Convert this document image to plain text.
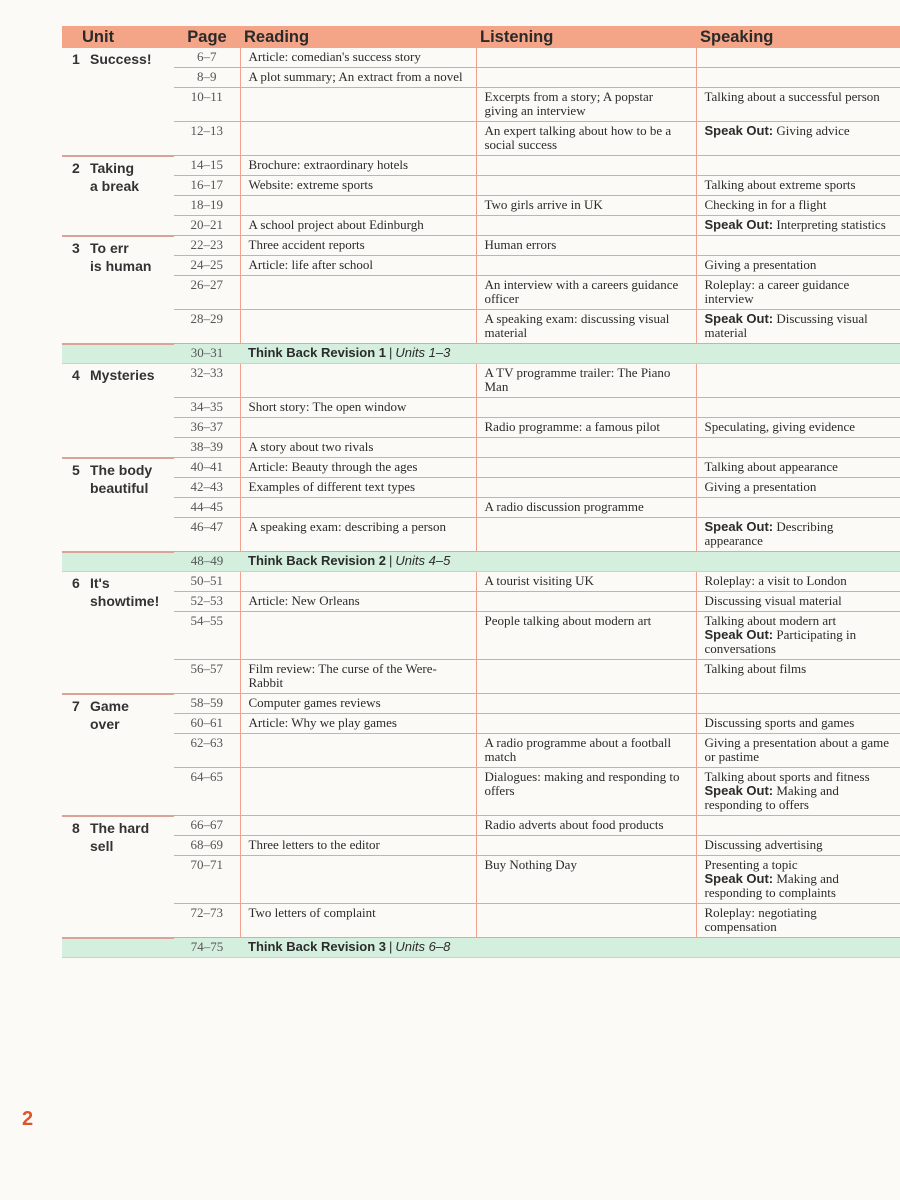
2
Unit	Page	Reading	Listening	Speaking
1 Success!	6–7	Article: comedian's success story		
	8–9	A plot summary; An extract from a novel		
	10–11		Excerpts from a story; A popstar giving an interview	Talking about a successful person

	12–13		An expert talking about how to be a social success	Speak Out: Giving advice

2 Taking
a break	14–15	Brochure: extraordinary hotels		
	16–17	Website: extreme sports		Talking about extreme sports

	18–19		Two girls arrive in UK	Checking in for a flight

	20–21	A school project about Edinburgh		Speak Out: Interpreting statistics

3 To err
is human	22–23	Three accident reports	Human errors	
	24–25	Article: life after school		Giving a presentation

	26–27		An interview with a careers guidance officer	Roleplay: a career guidance interview

	28–29		A speaking exam: discussing visual material	Speak Out: Discussing visual material

	30–31	Think Back Revision 1 | Units 1–3		
4 Mysteries	32–33		A TV programme trailer: The Piano Man	
	34–35	Short story: The open window		
	36–37		Radio programme: a famous pilot	Speculating, giving evidence

	38–39	A story about two rivals		
5 The body
beautiful	40–41	Article: Beauty through the ages		Talking about appearance

	42–43	Examples of different text types		Giving a presentation

	44–45		A radio discussion programme	
	46–47	A speaking exam: describing a person		Speak Out: Describing appearance

	48–49	Think Back Revision 2 | Units 4–5		
6 It's
showtime!	50–51		A tourist visiting UK	Roleplay: a visit to London

	52–53	Article: New Orleans		Discussing visual material

	54–55		People talking about modern art	Talking about modern art
Speak Out: Participating in conversations

	56–57	Film review: The curse of the Were-Rabbit		Talking about films

7 Game
over	58–59	Computer games reviews		
	60–61	Article: Why we play games		Discussing sports and games

	62–63		A radio programme about a football match	Giving a presentation about a game or pastime

	64–65		Dialogues: making and responding to offers	Talking about sports and fitness
Speak Out: Making and responding to offers

8 The hard
sell	66–67		Radio adverts about food products	
	68–69	Three letters to the editor		Discussing advertising

	70–71		Buy Nothing Day	Presenting a topic
Speak Out: Making and responding to complaints

	72–73	Two letters of complaint		Roleplay: negotiating compensation

	74–75	Think Back Revision 3 | Units 6–8		
